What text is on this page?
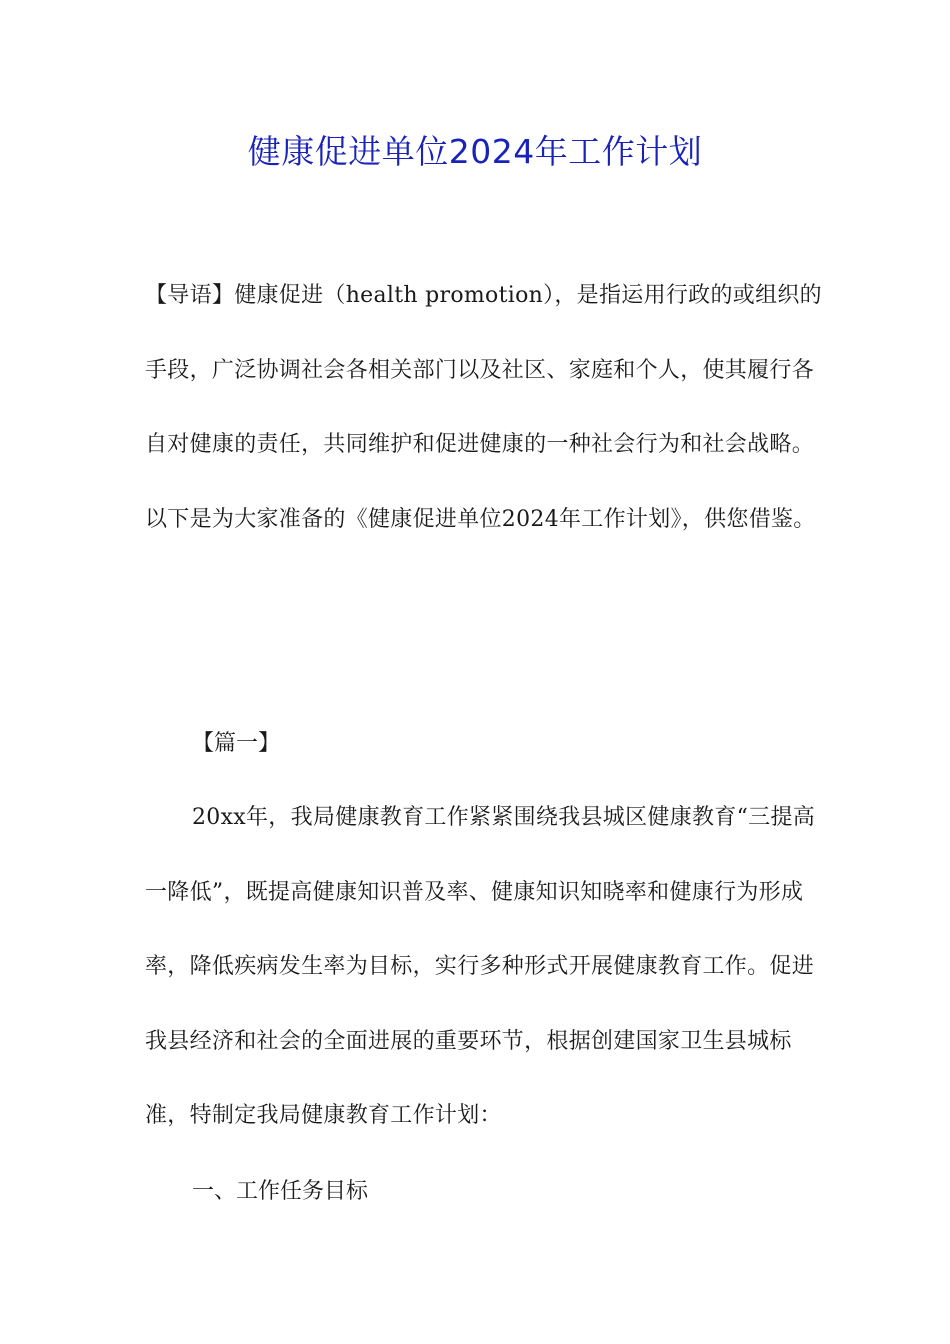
健康促进单位2024年工作计划

【导语】健康促进（health promotion），是指运用行政的或组织的手段，广泛协调社会各相关部门以及社区、家庭和个人，使其履行各自对健康的责任，共同维护和促进健康的一种社会行为和社会战略。以下是为大家准备的《健康促进单位2024年工作计划》，供您借鉴。

【篇一】

20xx年，我局健康教育工作紧紧围绕我县城区健康教育“三提高一降低”，既提高健康知识普及率、健康知识知晓率和健康行为形成率，降低疾病发生率为目标，实行多种形式开展健康教育工作。促进我县经济和社会的全面进展的重要环节，根据创建国家卫生县城标准，特制定我局健康教育工作计划：

一、工作任务目标
